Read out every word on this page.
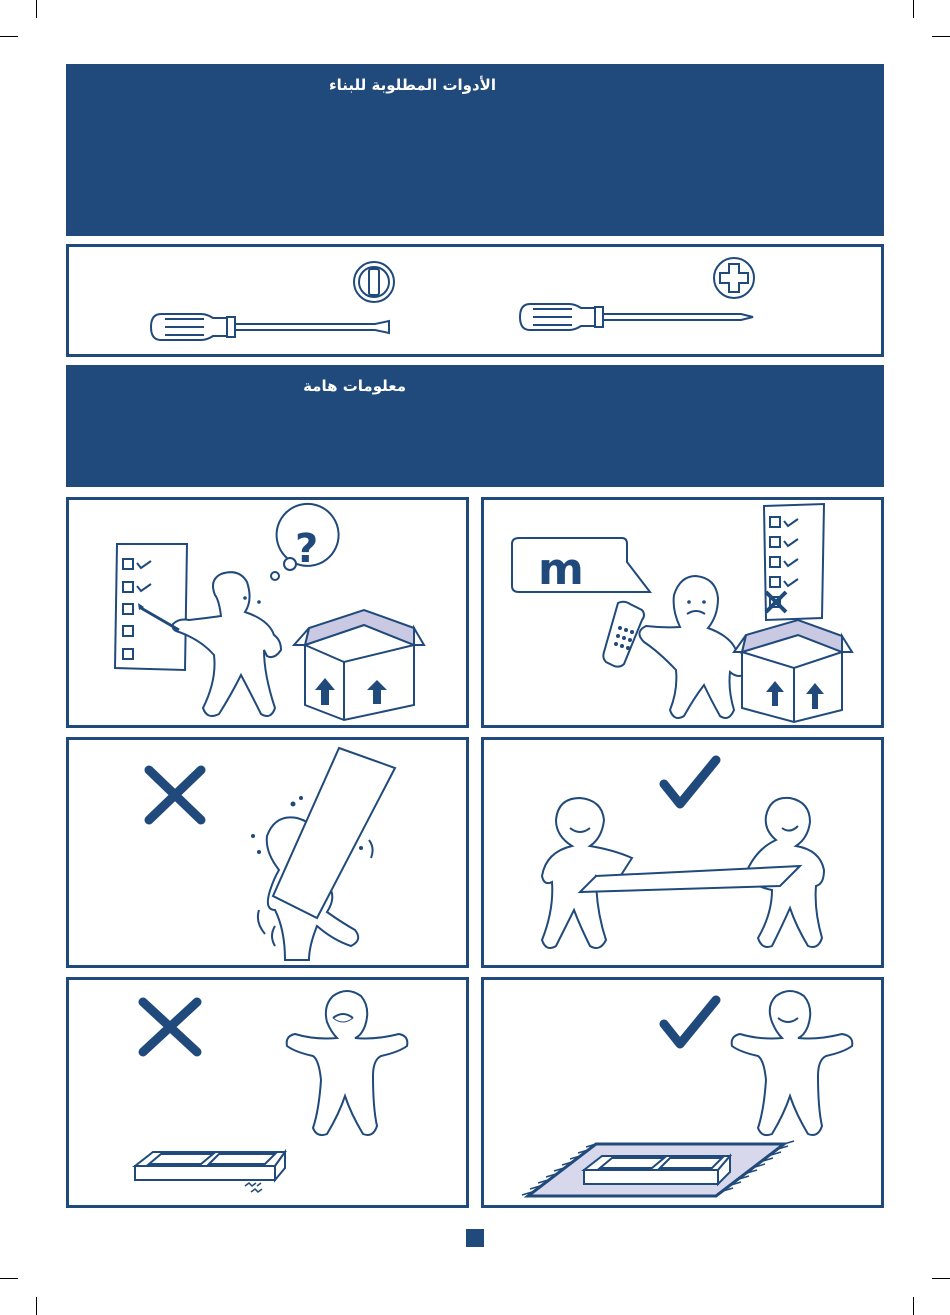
الأدوات المطلوبة للبناء
معلومات هامة
?	m
